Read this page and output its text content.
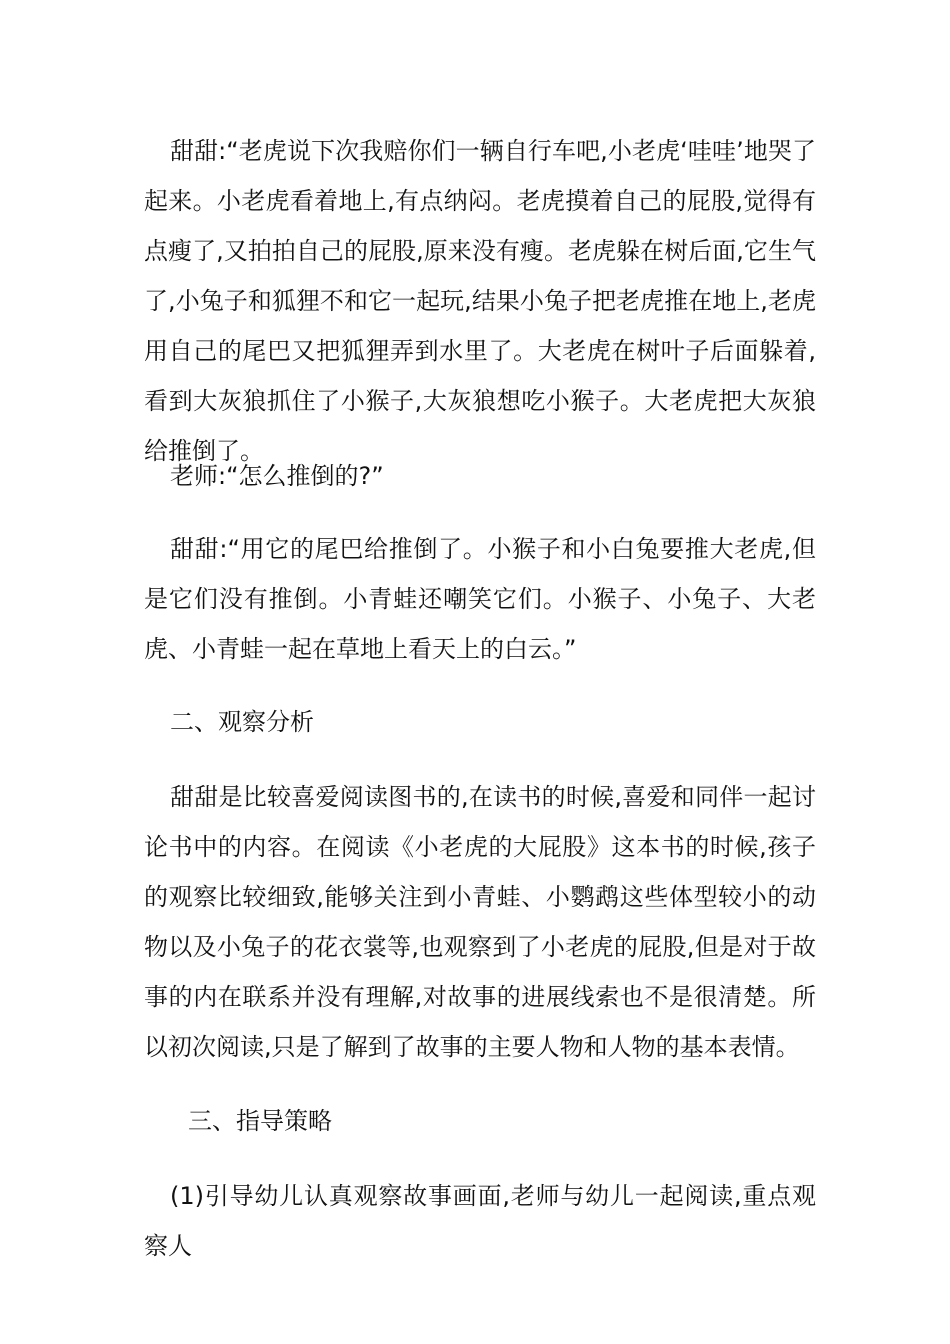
甜甜:“老虎说下次我赔你们一辆自行车吧,小老虎‘哇哇’地哭了起来。小老虎看着地上,有点纳闷。老虎摸着自己的屁股,觉得有点瘦了,又拍拍自己的屁股,原来没有瘦。老虎躲在树后面,它生气了,小兔子和狐狸不和它一起玩,结果小兔子把老虎推在地上,老虎用自己的尾巴又把狐狸弄到水里了。大老虎在树叶子后面躲着,看到大灰狼抓住了小猴子,大灰狼想吃小猴子。大老虎把大灰狼给推倒了。

老师:“怎么推倒的?”

甜甜:“用它的尾巴给推倒了。小猴子和小白兔要推大老虎,但是它们没有推倒。小青蛙还嘲笑它们。小猴子、小兔子、大老虎、小青蛙一起在草地上看天上的白云。”

二、观察分析

甜甜是比较喜爱阅读图书的,在读书的时候,喜爱和同伴一起讨论书中的内容。在阅读《小老虎的大屁股》这本书的时候,孩子的观察比较细致,能够关注到小青蛙、小鹦鹉这些体型较小的动物以及小兔子的花衣裳等,也观察到了小老虎的屁股,但是对于故事的内在联系并没有理解,对故事的进展线索也不是很清楚。所以初次阅读,只是了解到了故事的主要人物和人物的基本表情。

三、指导策略

(1)引导幼儿认真观察故事画面,老师与幼儿一起阅读,重点观察人
